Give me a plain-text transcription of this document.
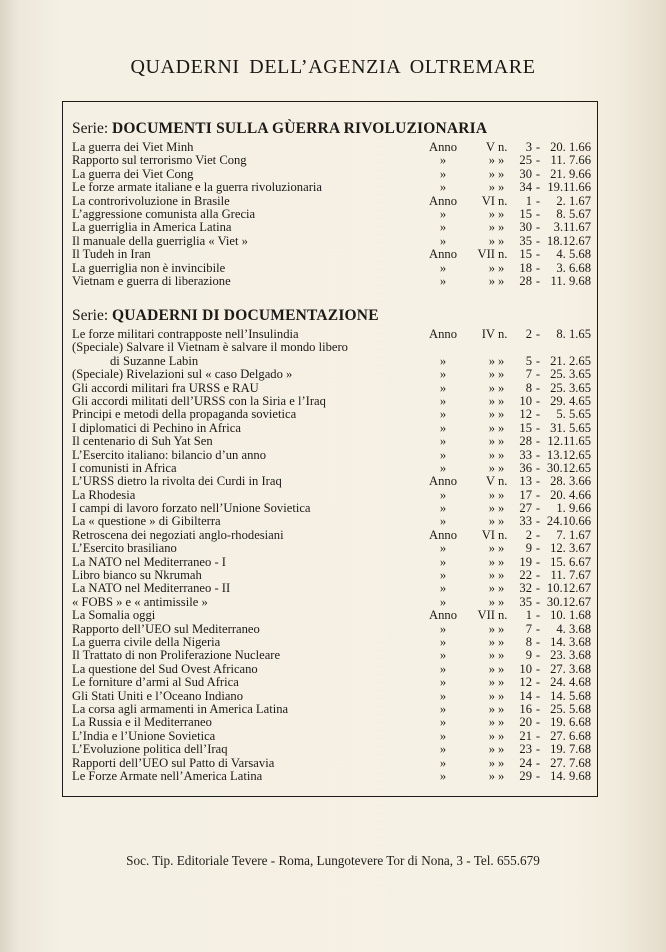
QUADERNI DELL’AGENZIA OLTREMARE
Serie: DOCUMENTI SULLA GÙERRA RIVOLUZIONARIA
La guerra dei Viet Minh	Anno	V n.	3 - 20. 1.66
Rapporto sul terrorismo Viet Cong	»	» »	25 - 11. 7.66
La guerra dei Viet Cong	»	» »	30 - 21. 9.66
Le forze armate italiane e la guerra rivoluzionaria	»	» »	34 - 19.11.66
La controrivoluzione in Brasile	Anno	VI n.	1 -	2. 1.67
L’aggressione comunista alla Grecia	»	» »	15 -	8. 5.67
La guerriglia in America Latina	»	» »	30 -	3.11.67
Il manuale della guerriglia « Viet »	»	» »	35 - 18.12.67
Il Tudeh in Iran	Anno	VII n. 15 -	4. 5.68
La guerriglia non è invincibile	»	» »	18 -	3. 6.68
Vietnam e guerra di liberazione	»	» »	28 - 11. 9.68
Serie: QUADERNI DI DOCUMENTAZIONE
Le forze militari contrapposte nell’Insulindia	Anno	IV n.	2 -	8. 1.65
(Speciale) Salvare il Vietnam è salvare il mondo libero
di Suzanne Labin	»	» »	5 - 21. 2.65
(Speciale) Rivelazioni sul « caso Delgado »	»	» »	7 - 25. 3.65
Gli accordi militari fra URSS e RAU	»	» »	8 - 25. 3.65
Gli accordi militati dell’URSS con la Siria e l’Iraq	»	» »	10 - 29. 4.65
Principi e metodi della propaganda sovietica	»	» »	12 -	5. 5.65
I diplomatici di Pechino in Africa	»	» »	15 - 31. 5.65
Il centenario di Suh Yat Sen	»	» »	28 - 12.11.65
L’Esercito italiano: bilancio d’un anno	»	» »	33 - 13.12.65
I comunisti in Africa	»	» »	36 - 30.12.65
L’URSS dietro la rivolta dei Curdi in Iraq	Anno	V n. 13 - 28. 3.66
La Rhodesia	»	» »	17 - 20. 4.66
I campi di lavoro forzato nell’Unione Sovietica	»	» »	27 -	1. 9.66
La « questione » di Gibilterra	»	» »	33 - 24.10.66
Retroscena dei negoziati anglo-rhodesiani	Anno	VI n.	2 -	7. 1.67
L’Esercito brasiliano	»	» »	9 - 12. 3.67
La NATO nel Mediterraneo - I	»	» »	19 - 15. 6.67
Libro bianco su Nkrumah	»	» »	22 - 11. 7.67
La NATO nel Mediterraneo - II	»	» »	32 - 10.12.67
« FOBS » e « antimissile »	»	» »	35 - 30.12.67
La Somalia oggi	Anno	VII n.	1 - 10. 1.68
Rapporto dell’UEO sul Mediterraneo	»	» »	7 -	4. 3.68
La guerra civile della Nigeria	»	» »	8 - 14. 3.68
Il Trattato di non Proliferazione Nucleare	»	» »	9 - 23. 3.68
La questione del Sud Ovest Africano	»	» »	10 - 27. 3.68
Le forniture d’armi al Sud Africa	»	» »	12 - 24. 4.68
Gli Stati Uniti e l’Oceano Indiano	»	» »	14 - 14. 5.68
La corsa agli armamenti in America Latina	»	» »	16 - 25. 5.68
La Russia e il Mediterraneo	»	» »	20 - 19. 6.68
L’India e l’Unione Sovietica	»	» »	21 - 27. 6.68
L’Evoluzione politica dell’Iraq	»	» »	23 - 19. 7.68
Rapporti dell’UEO sul Patto di Varsavia	»	» »	24 - 27. 7.68
Le Forze Armate nell’America Latina	»	» »	29 - 14. 9.68
Soc. Tip. Editoriale Tevere - Roma, Lungotevere Tor di Nona, 3 - Tel. 655.679
